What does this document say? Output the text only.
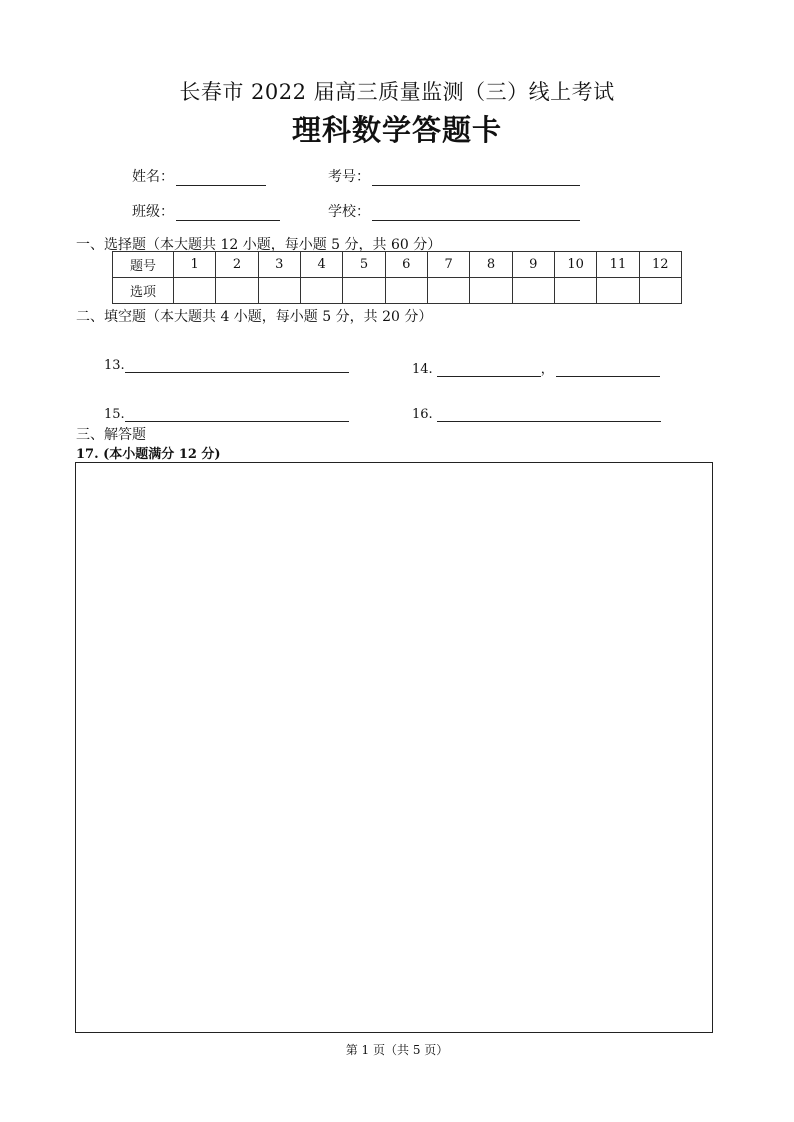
长春市 2022 届高三质量监测（三）线上考试
理科数学答题卡
姓名：	考号：
班级：	学校：
一、选择题（本大题共 12 小题，每小题 5 分，共 60 分）
题号	1	2	3	4	5	6	7	8	9	10	11	12
选项												
二、填空题（本大题共 4 小题，每小题 5 分，共 20 分）
13.	14.	，
15.	16.
三、解答题
17. (本小题满分 12 分)
第 1 页（共 5 页）
